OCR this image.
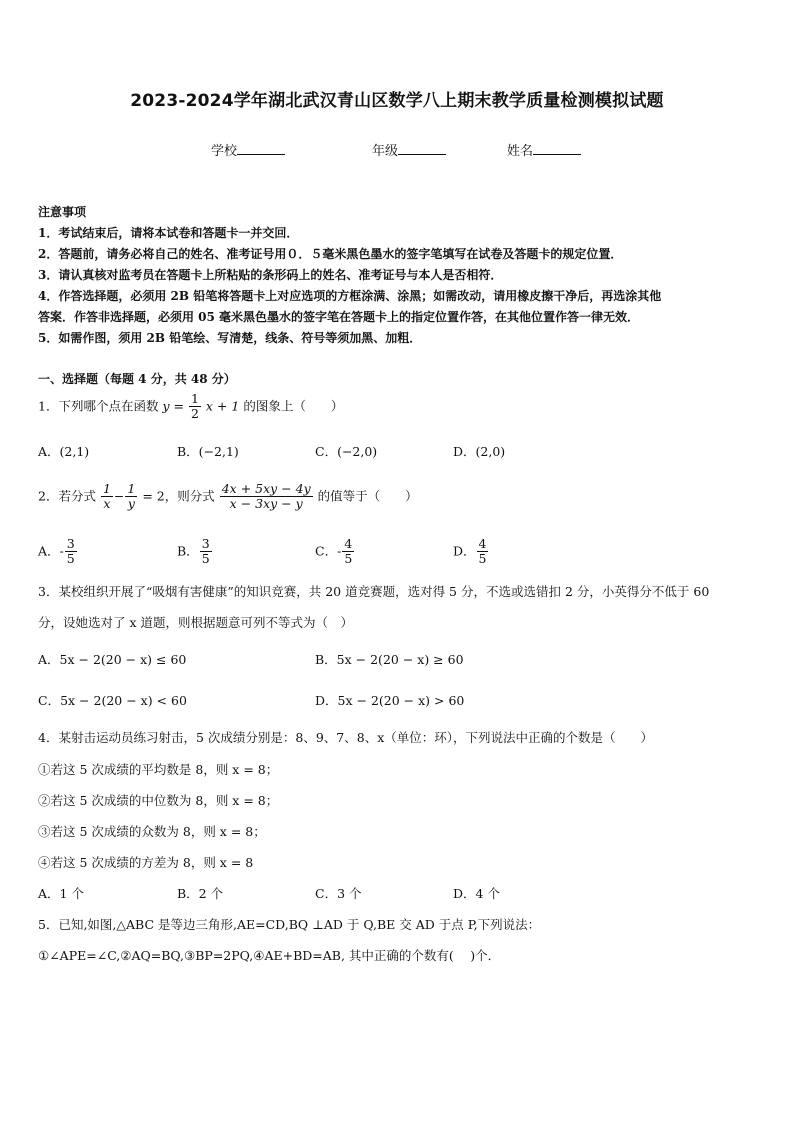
2023-2024学年湖北武汉青山区数学八上期末教学质量检测模拟试题
学校	年级	姓名
注意事项
1．考试结束后，请将本试卷和答题卡一并交回．
2．答题前，请务必将自己的姓名、准考证号用０．５毫米黑色墨水的签字笔填写在试卷及答题卡的规定位置．
3．请认真核对监考员在答题卡上所粘贴的条形码上的姓名、准考证号与本人是否相符．
4．作答选择题，必须用 2B 铅笔将答题卡上对应选项的方框涂满、涂黑；如需改动，请用橡皮擦干净后，再选涂其他
答案．作答非选择题，必须用 05 毫米黑色墨水的签字笔在答题卡上的指定位置作答，在其他位置作答一律无效．
5．如需作图，须用 2B 铅笔绘、写清楚，线条、符号等须加黑、加粗．
一、选择题（每题 4 分，共 48 分）
1．下列哪个点在函数 $y = \frac{1}{2}$ x + 1 的图象上（　　）
A．(2,1)	B．(−2,1)	C．(−2,0)	D．(2,0)
2．若分式 $\frac{1}{x} - \frac{1}{y} = 2$，则分式 $\frac{4x + 5xy - 4y}{x - 3xy - y}$ 的值等于（　　）
A．- $\frac{3}{5}$	B． $\frac{3}{5}$	C．- $\frac{4}{5}$	D． $\frac{4}{5}$
3．某校组织开展了“吸烟有害健康”的知识竞赛，共 20 道竞赛题，选对得 5 分，不选或选错扣 2 分，小英得分不低于 60
分，设她选对了 x 道题，则根据题意可列不等式为（　）
A．5x − 2(20 − x) ≤ 60	B．5x − 2(20 − x) ≥ 60
C．5x − 2(20 − x) < 60	D．5x − 2(20 − x) > 60
4．某射击运动员练习射击，5 次成绩分别是：8、9、7、8、x（单位：环），下列说法中正确的个数是（　　）
①若这 5 次成绩的平均数是 8，则 x = 8；
②若这 5 次成绩的中位数为 8，则 x = 8；
③若这 5 次成绩的众数为 8，则 x = 8；
④若这 5 次成绩的方差为 8，则 x = 8
A．1 个	B．2 个	C．3 个	D．4 个
5．已知,如图,△ABC 是等边三角形,AE=CD,BQ ⊥AD 于 Q,BE 交 AD 于点 P,下列说法：
①∠APE=∠C,②AQ=BQ,③BP=2PQ,④AE+BD=AB, 其中正确的个数有(　 )个．
